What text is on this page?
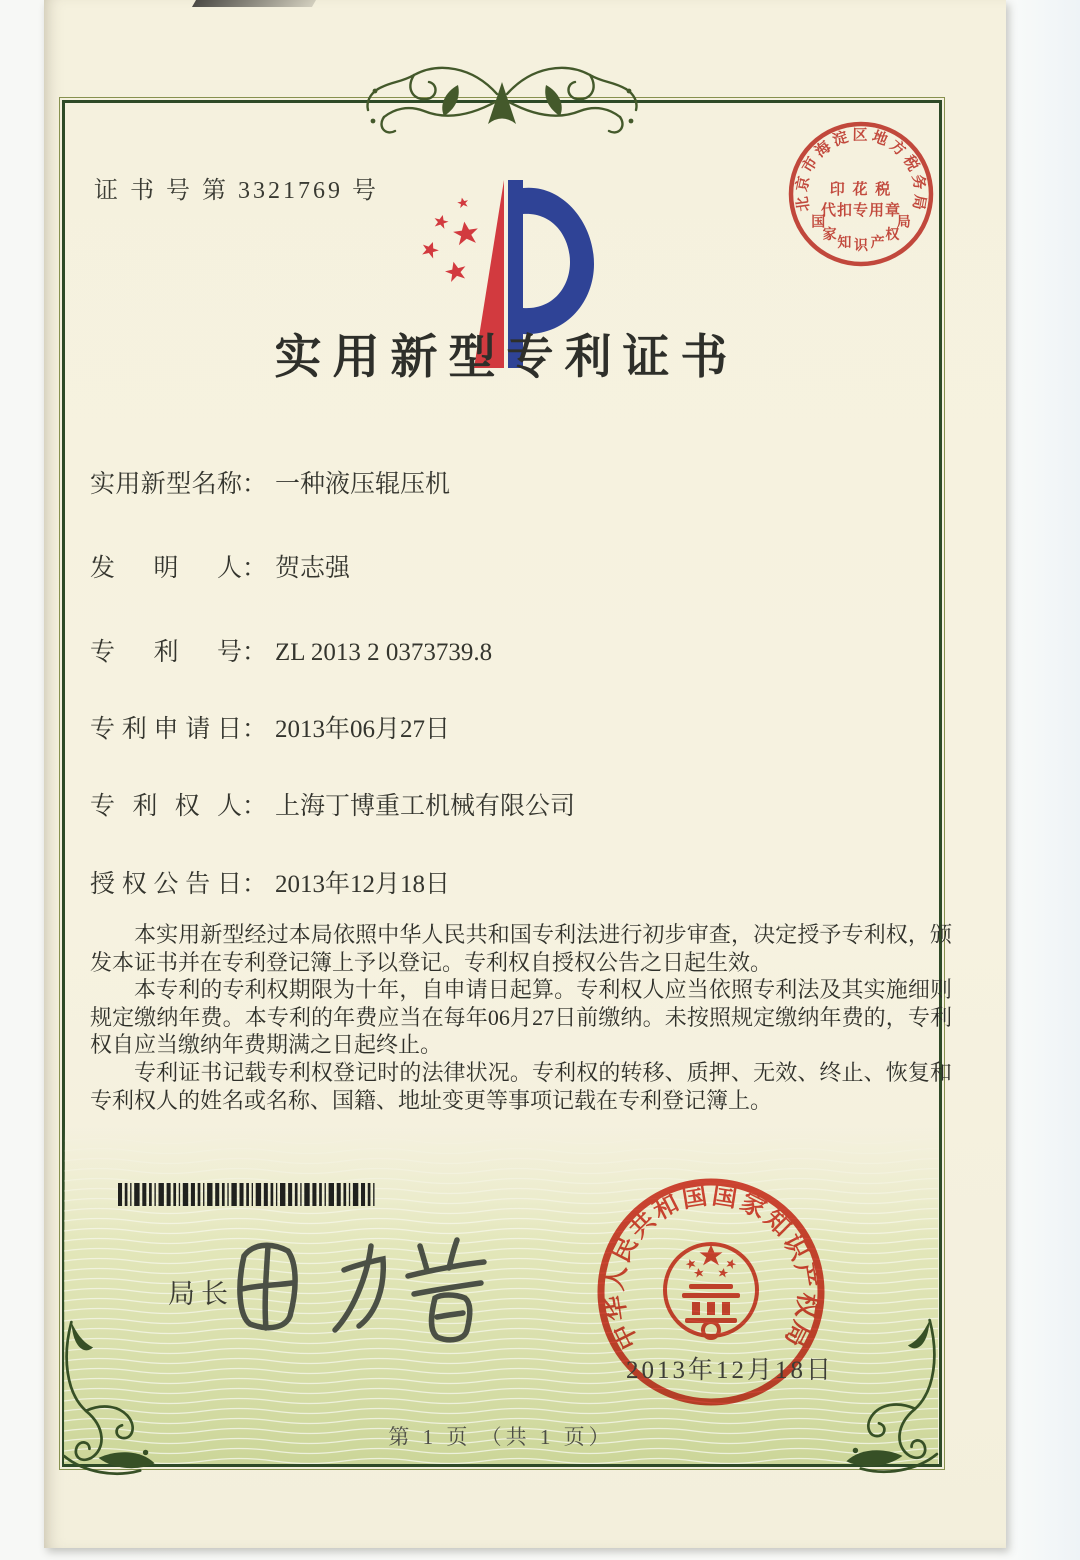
证 书 号 第 3321769 号
实用新型专利证书
实用新型名称： 一种液压辊压机
发明人： 贺志强
专利号： ZL 2013 2 0373739.8
专利申请日： 2013年06月27日
专利权人： 上海丁博重工机械有限公司
授权公告日： 2013年12月18日

本实用新型经过本局依照中华人民共和国专利法进行初步审查，决定授予专利权，颁发本证书并在专利登记簿上予以登记。专利权自授权公告之日起生效。

本专利的专利权期限为十年，自申请日起算。专利权人应当依照专利法及其实施细则规定缴纳年费。本专利的年费应当在每年06月27日前缴纳。未按照规定缴纳年费的，专利权自应当缴纳年费期满之日起终止。

专利证书记载专利权登记时的法律状况。专利权的转移、质押、无效、终止、恢复和专利权人的姓名或名称、国籍、地址变更等事项记载在专利登记簿上。

局长
中华人民共和国国家知识产权局
2013年12月18日
北京市海淀区地方税务局
印 花 税
代扣专用章
国
家
知 识 产
权
局
第 1 页 （共 1 页）
